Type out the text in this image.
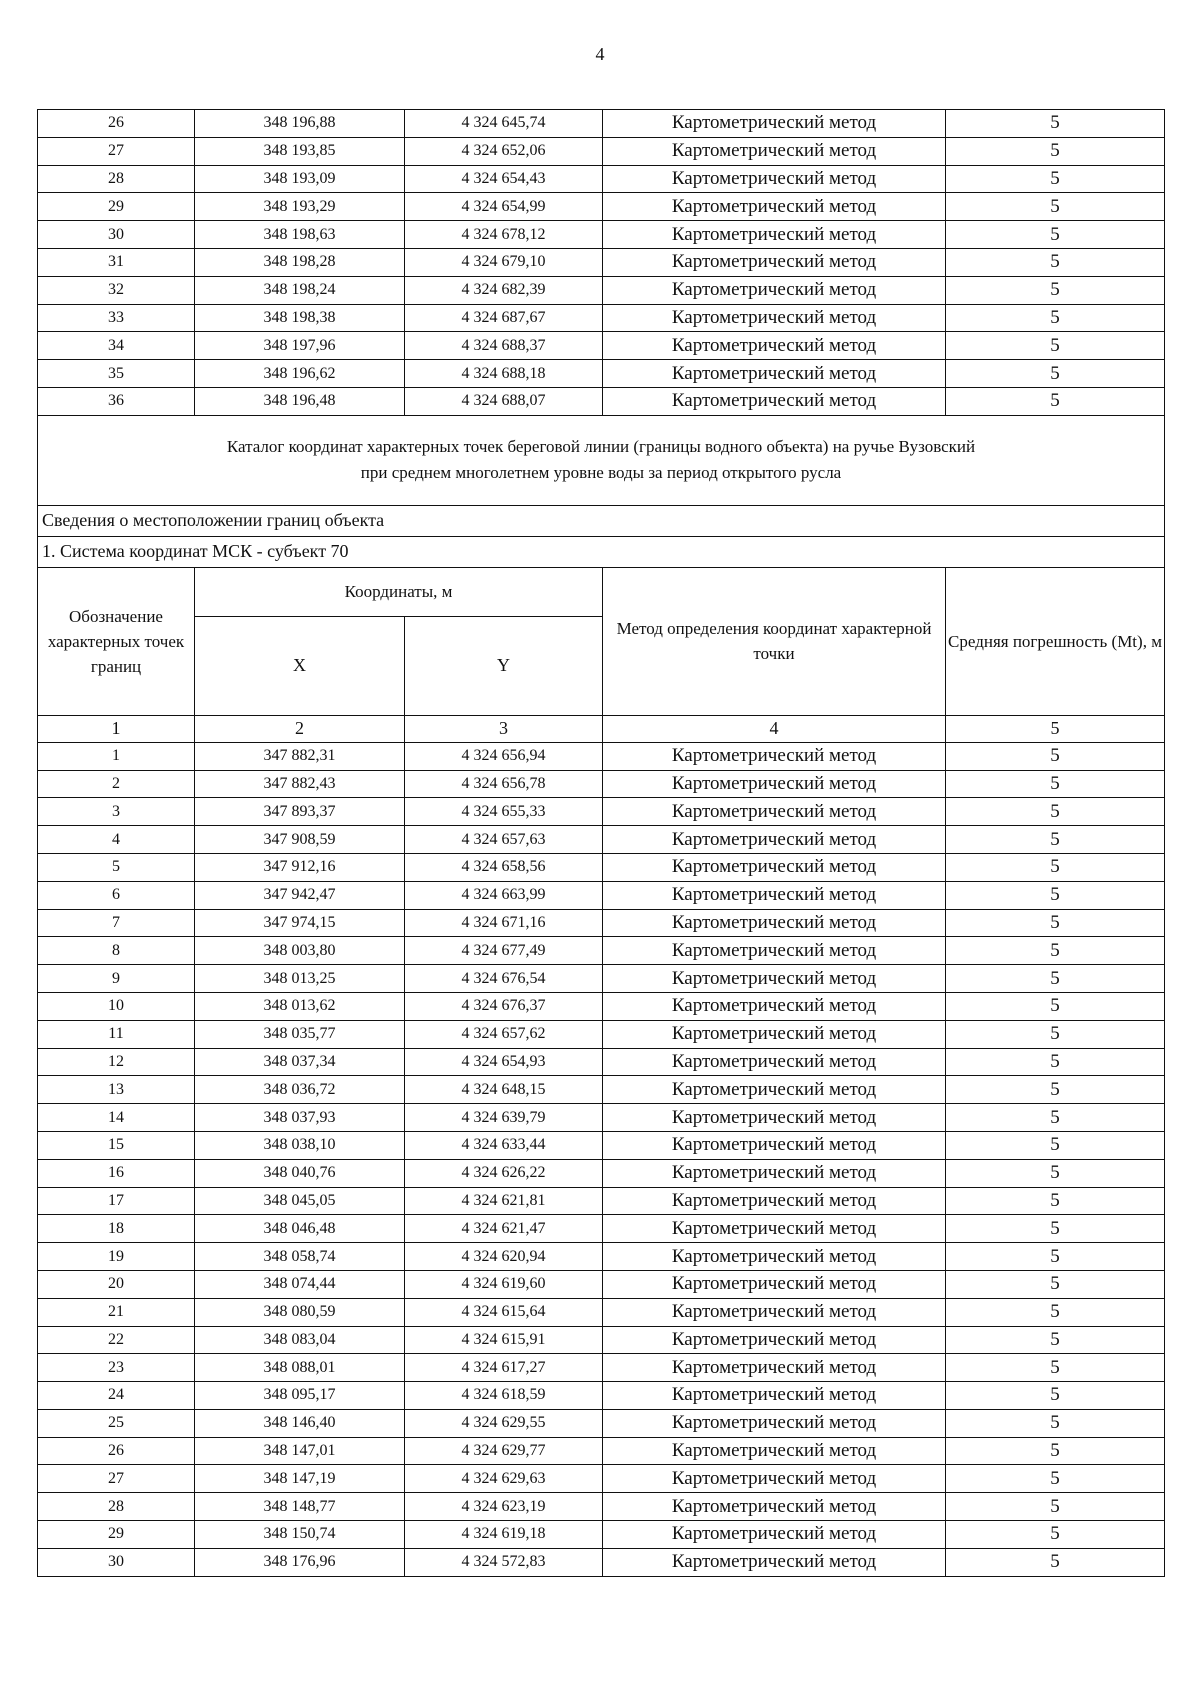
4
26	348 196,88	4 324 645,74	Картометрический метод	5
27	348 193,85	4 324 652,06	Картометрический метод	5
28	348 193,09	4 324 654,43	Картометрический метод	5
29	348 193,29	4 324 654,99	Картометрический метод	5
30	348 198,63	4 324 678,12	Картометрический метод	5
31	348 198,28	4 324 679,10	Картометрический метод	5
32	348 198,24	4 324 682,39	Картометрический метод	5
33	348 198,38	4 324 687,67	Картометрический метод	5
34	348 197,96	4 324 688,37	Картометрический метод	5
35	348 196,62	4 324 688,18	Картометрический метод	5
36	348 196,48	4 324 688,07	Картометрический метод	5

Каталог координат характерных точек береговой линии (границы водного объекта) на ручье Вузовский
при среднем многолетнем уровне воды за период открытого русла				

Сведения о местоположении границ объекта				
1. Система координат МСК - субъект 70				
Обозначение характерных точек границ	Координаты, м		Метод определения координат характерной точки	Средняя погрешность (Mt), м
	X	Y		
1	2	3	4	5
1	347 882,31	4 324 656,94	Картометрический метод	5
2	347 882,43	4 324 656,78	Картометрический метод	5
3	347 893,37	4 324 655,33	Картометрический метод	5
4	347 908,59	4 324 657,63	Картометрический метод	5
5	347 912,16	4 324 658,56	Картометрический метод	5
6	347 942,47	4 324 663,99	Картометрический метод	5
7	347 974,15	4 324 671,16	Картометрический метод	5
8	348 003,80	4 324 677,49	Картометрический метод	5
9	348 013,25	4 324 676,54	Картометрический метод	5
10	348 013,62	4 324 676,37	Картометрический метод	5
11	348 035,77	4 324 657,62	Картометрический метод	5
12	348 037,34	4 324 654,93	Картометрический метод	5
13	348 036,72	4 324 648,15	Картометрический метод	5
14	348 037,93	4 324 639,79	Картометрический метод	5
15	348 038,10	4 324 633,44	Картометрический метод	5
16	348 040,76	4 324 626,22	Картометрический метод	5
17	348 045,05	4 324 621,81	Картометрический метод	5
18	348 046,48	4 324 621,47	Картометрический метод	5
19	348 058,74	4 324 620,94	Картометрический метод	5
20	348 074,44	4 324 619,60	Картометрический метод	5
21	348 080,59	4 324 615,64	Картометрический метод	5
22	348 083,04	4 324 615,91	Картометрический метод	5
23	348 088,01	4 324 617,27	Картометрический метод	5
24	348 095,17	4 324 618,59	Картометрический метод	5
25	348 146,40	4 324 629,55	Картометрический метод	5
26	348 147,01	4 324 629,77	Картометрический метод	5
27	348 147,19	4 324 629,63	Картометрический метод	5
28	348 148,77	4 324 623,19	Картометрический метод	5
29	348 150,74	4 324 619,18	Картометрический метод	5
30	348 176,96	4 324 572,83	Картометрический метод	5
